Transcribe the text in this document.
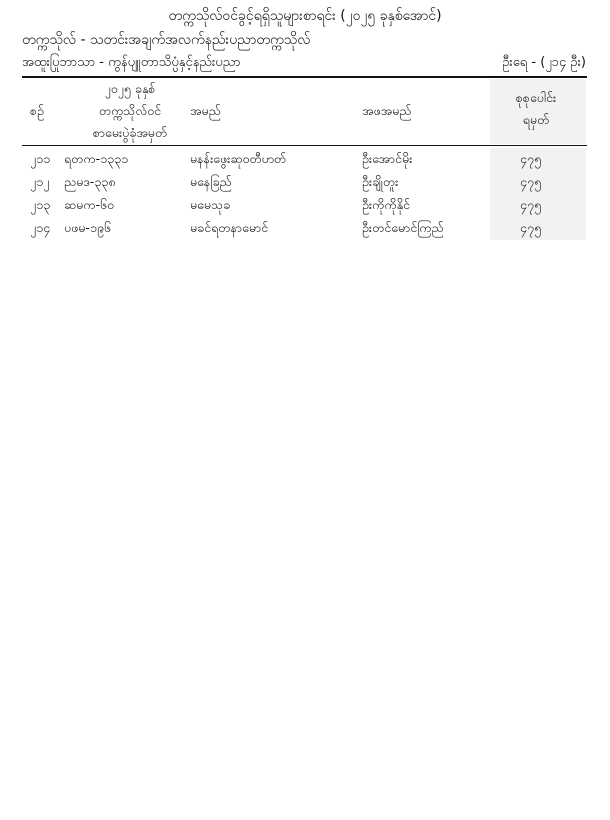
တက္ကသိုလ်ဝင်ခွင့်ရရှိသူများစာရင်း (၂၀၂၅ ခုနှစ်အောင်)
တက္ကသိုလ် - သတင်းအချက်အလက်နည်းပညာတက္ကသိုလ်
အထူးပြုဘာသာ - ကွန်ပျူတာသိပ္ပံနှင့်နည်းပညာ	ဦးရေ - (၂၁၄ ဦး)
စဉ်
၂၀၂၅ ခုနှစ်
တက္ကသိုလ်ဝင်
စာမေးပွဲခုံအမှတ်
အမည်	အဖအမည်
စုစုပေါင်း
ရမှတ်
၂၁၁ ရတက-၁၃၃၁	မနန်းဖွေးဆုဝတီဟတ်	ဦးအောင်မိုး	၄၇၅
၂၁၂ ညမဒ-၃၃၈	မနေခြည်	ဦးချိုတူး	၄၇၅
၂၁၃ ဆမက-၆၀	မမေသုခ	ဦးကိုကိုနိုင်	၄၇၅
၂၁၄ ပဖမ-၁၉၆	မခင်ရတနာမောင်	ဦးတင်မောင်ကြည်	၄၇၅
